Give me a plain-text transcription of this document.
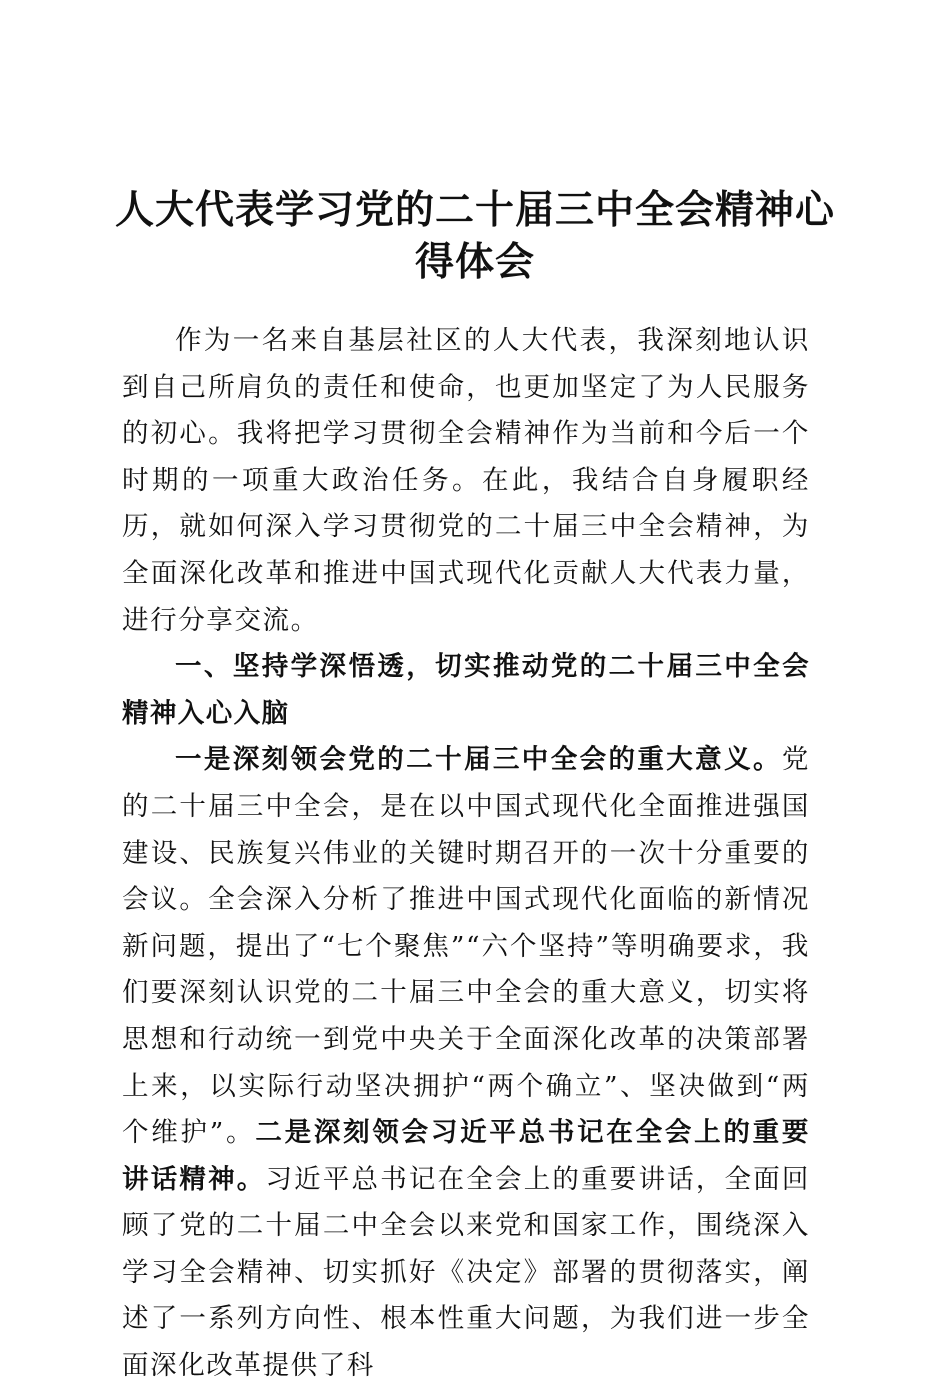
人大代表学习党的二十届三中全会精神心得体会

作为一名来自基层社区的人大代表，我深刻地认识到自己所肩负的责任和使命，也更加坚定了为人民服务的初心。我将把学习贯彻全会精神作为当前和今后一个时期的一项重大政治任务。在此，我结合自身履职经历，就如何深入学习贯彻党的二十届三中全会精神，为全面深化改革和推进中国式现代化贡献人大代表力量，进行分享交流。

一、坚持学深悟透，切实推动党的二十届三中全会精神入心入脑

一是深刻领会党的二十届三中全会的重大意义。党的二十届三中全会，是在以中国式现代化全面推进强国建设、民族复兴伟业的关键时期召开的一次十分重要的会议。全会深入分析了推进中国式现代化面临的新情况新问题，提出了“七个聚焦”“六个坚持”等明确要求，我们要深刻认识党的二十届三中全会的重大意义，切实将思想和行动统一到党中央关于全面深化改革的决策部署上来，以实际行动坚决拥护“两个确立”、坚决做到“两个维护”。二是深刻领会习近平总书记在全会上的重要讲话精神。习近平总书记在全会上的重要讲话，全面回顾了党的二十届二中全会以来党和国家工作，围绕深入学习全会精神、切实抓好《决定》部署的贯彻落实，阐述了一系列方向性、根本性重大问题，为我们进一步全面深化改革提供了科
